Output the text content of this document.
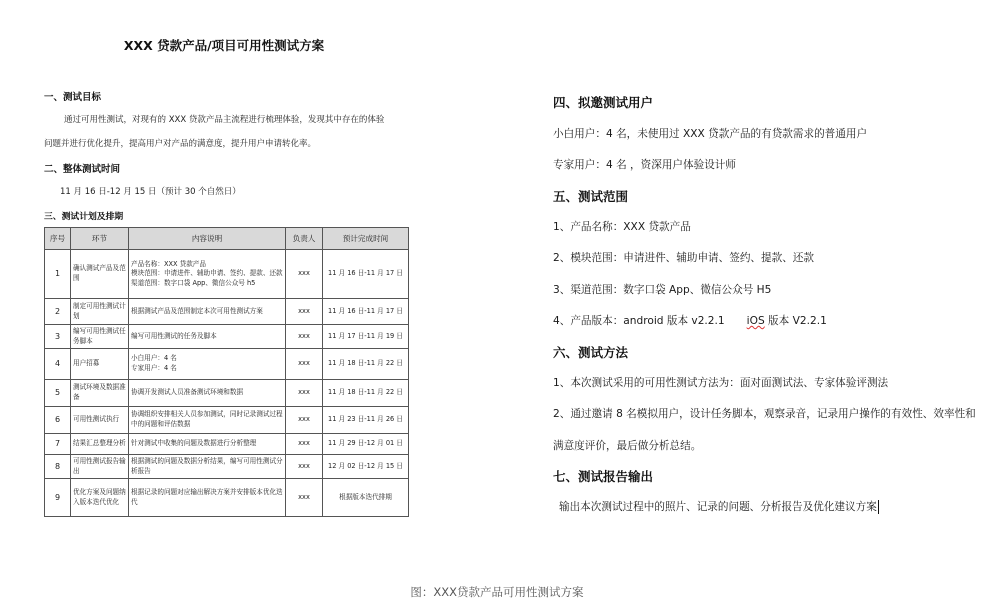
XXX 贷款产品/项目可用性测试方案
一、测试目标
通过可用性测试，对现有的 XXX 贷款产品主流程进行梳理体验，发现其中存在的体验
问题并进行优化提升，提高用户对产品的满意度，提升用户申请转化率。
二、整体测试时间
11 月 16 日-12 月 15 日（预计 30 个自然日）
三、测试计划及排期
序号	环节	内容说明	负责人	预计完成时间
1	确认测试产品及范围	产品名称：XXX 贷款产品
模块范围：申请进件、辅助申请、签约、提款、还款
渠道范围：数字口袋 App、微信公众号 h5	xxx	11 月 16 日-11 月 17 日
2	制定可用性测试计划	根据测试产品及范围制定本次可用性测试方案	xxx	11 月 16 日-11 月 17 日
3	编写可用性测试任务脚本	编写可用性测试的任务及脚本	xxx	11 月 17 日-11 月 19 日
4	用户招募	小白用户：4 名
专家用户：4 名	xxx	11 月 18 日-11 月 22 日
5	测试环境及数据准备	协调开发测试人员准备测试环境和数据	xxx	11 月 18 日-11 月 22 日
6	可用性测试执行	协调组织安排相关人员参加测试，同时记录测试过程中的问题和评估数据	xxx	11 月 23 日-11 月 26 日
7	结果汇总整理分析	针对测试中收集的问题及数据进行分析整理	xxx	11 月 29 日-12 月 01 日
8	可用性测试报告输出	根据测试的问题及数据分析结果，编写可用性测试分析报告	xxx	12 月 02 日-12 月 15 日
9	优化方案及问题纳入版本迭代优化	根据记录的问题对应输出解决方案并安排版本优化迭代	xxx	根据版本迭代排期
四、拟邀测试用户
小白用户：4 名，未使用过 XXX 贷款产品的有贷款需求的普通用户
专家用户：4 名 ，资深用户体验设计师
五、测试范围
1、产品名称：XXX 贷款产品
2、模块范围：申请进件、辅助申请、签约、提款、还款
3、渠道范围：数字口袋 App、微信公众号 H5
4、产品版本：android 版本 v2.2.1 iOS 版本 V2.2.1
六、测试方法
1、本次测试采用的可用性测试方法为：面对面测试法、专家体验评测法
2、通过邀请 8 名模拟用户，设计任务脚本，观察录音，记录用户操作的有效性、效率性和
满意度评价，最后做分析总结。
七、测试报告输出
输出本次测试过程中的照片、记录的问题、分析报告及优化建议方案
图：XXX贷款产品可用性测试方案
